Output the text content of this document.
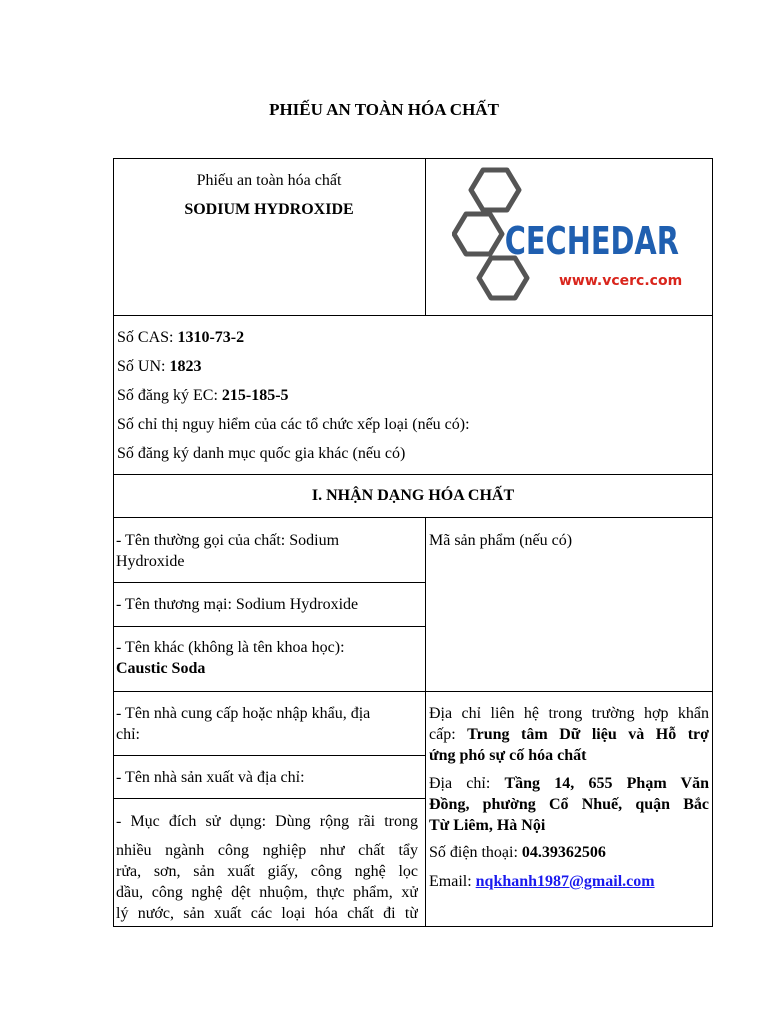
PHIẾU AN TOÀN HÓA CHẤT
Phiếu an toàn hóa chất
SODIUM HYDROXIDE
CECHEDAR
www.vcerc.com
Số CAS: 1310-73-2
Số UN: 1823
Số đăng ký EC: 215-185-5
Số chỉ thị nguy hiểm của các tổ chức xếp loại (nếu có):
Số đăng ký danh mục quốc gia khác (nếu có)
I. NHẬN DẠNG HÓA CHẤT
- Tên thường gọi của chất: Sodium
Hydroxide
- Tên thương mại: Sodium Hydroxide
- Tên khác (không là tên khoa học):
Caustic Soda
- Tên nhà cung cấp hoặc nhập khẩu, địa
chỉ:
- Tên nhà sản xuất và địa chỉ:
- Mục đích sử dụng: Dùng rộng rãi trong
nhiều ngành công nghiệp như chất tẩy
rửa, sơn, sản xuất giấy, công nghệ lọc
dầu, công nghệ dệt nhuộm, thực phẩm, xử
lý nước, sản xuất các loại hóa chất đi từ
Mã sản phẩm (nếu có)
Địa chỉ liên hệ trong trường hợp khẩn
cấp: Trung tâm Dữ liệu và Hỗ trợ
ứng phó sự cố hóa chất
Địa chỉ: Tầng 14, 655 Phạm Văn
Đồng, phường Cổ Nhuế, quận Bắc
Từ Liêm, Hà Nội
Số điện thoại: 04.39362506
Email: nqkhanh1987@gmail.com
